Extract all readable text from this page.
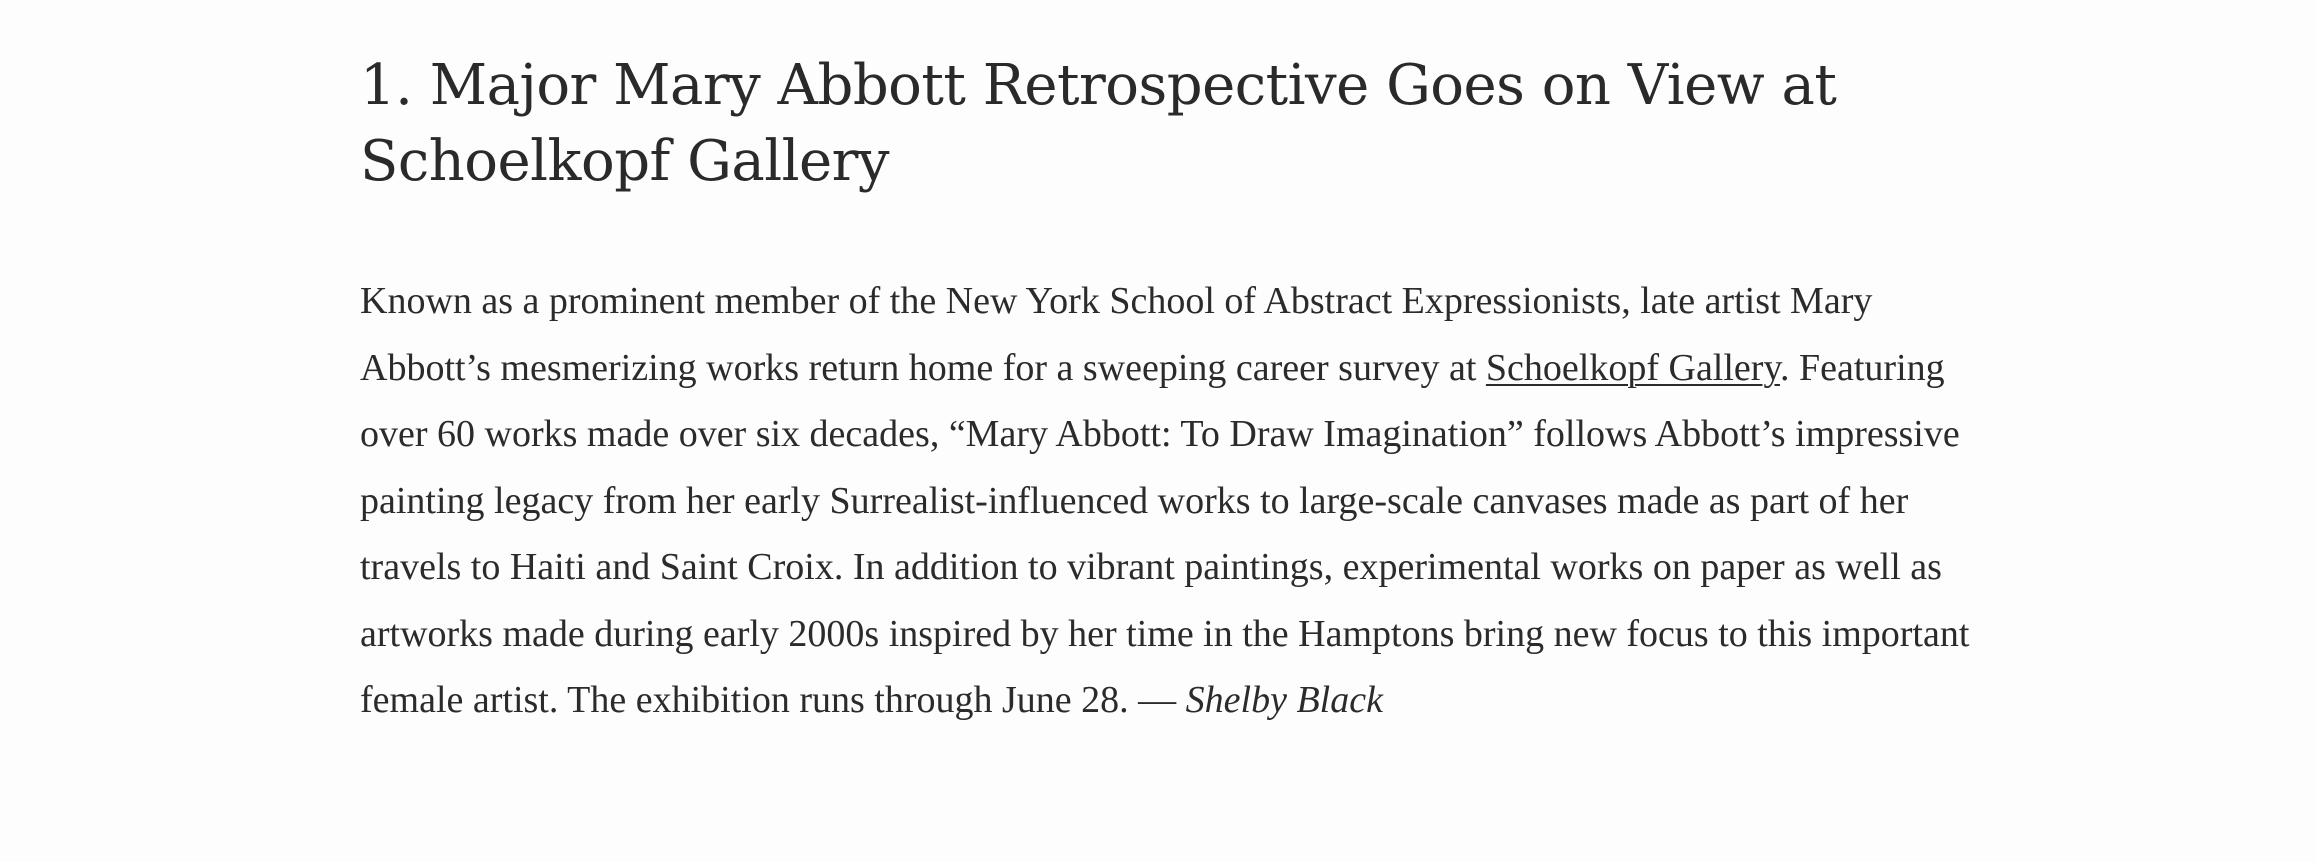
1. Major Mary Abbott Retrospective Goes on View at Schoelkopf Gallery

Known as a prominent member of the New York School of Abstract Expressionists, late artist Mary Abbott’s mesmerizing works return home for a sweeping career survey at Schoelkopf Gallery. Featuring over 60 works made over six decades, “Mary Abbott: To Draw Imagination” follows Abbott’s impressive painting legacy from her early Surrealist-influenced works to large-scale canvases made as part of her travels to Haiti and Saint Croix. In addition to vibrant paintings, experimental works on paper as well as artworks made during early 2000s inspired by her time in the Hamptons bring new focus to this important female artist. The exhibition runs through June 28. — Shelby Black
